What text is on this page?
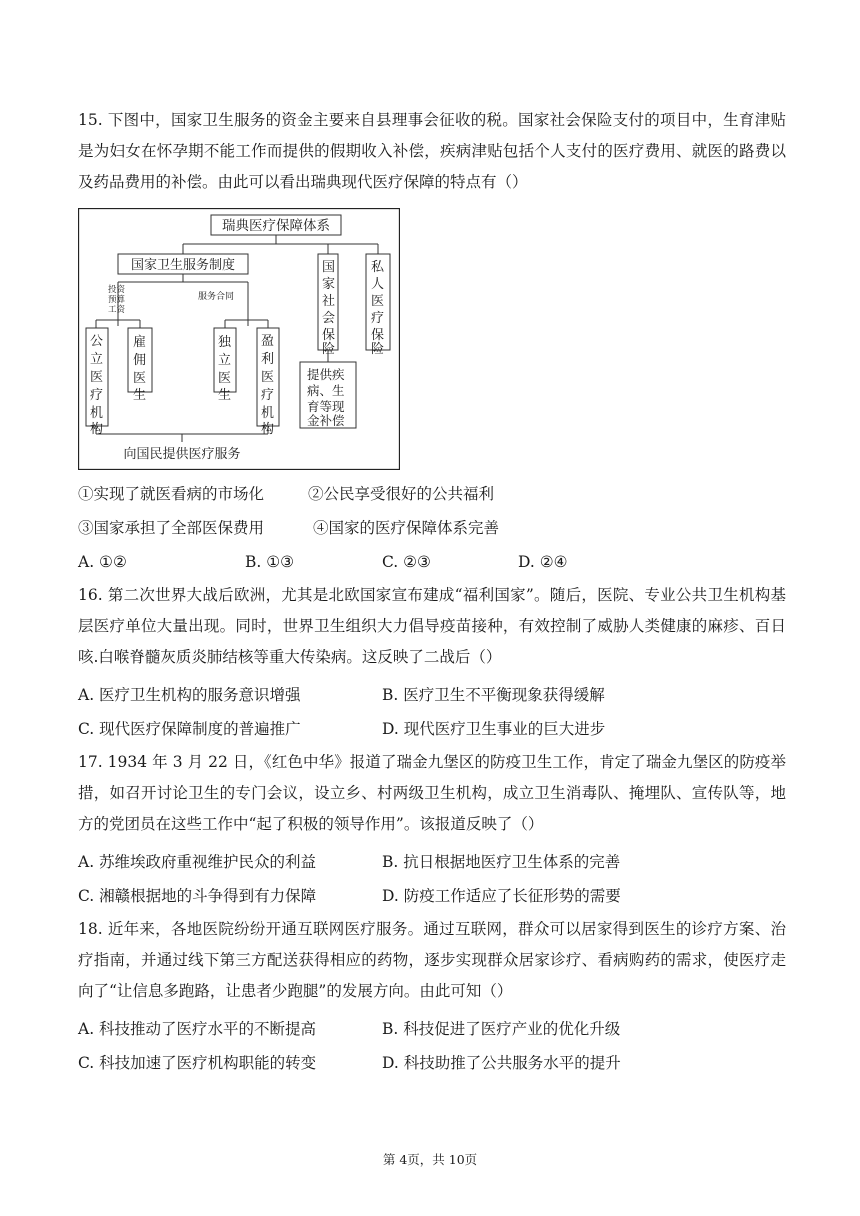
15. 下图中，国家卫生服务的资金主要来自县理事会征收的税。国家社会保险支付的项目中，生育津贴是为妇女在怀孕期不能工作而提供的假期收入补偿，疾病津贴包括个人支付的医疗费用、就医的路费以及药品费用的补偿。由此可以看出瑞典现代医疗保障的特点有（）

瑞典医疗保障体系
国家卫生服务制度	国家社会保
险
私人医疗保
险
投资预算工资
服务合同
公立医疗机
构
雇佣医
生
独立医
生
盈利医疗机
构
提供疾病、生育等现金补偿
向国民提供医疗服务
①实现了就医看病的市场化	②公民享受很好的公共福利
③国家承担了全部医保费用	④国家的医疗保障体系完善
A. ①②	B. ①③	C. ②③	D. ②④

16. 第二次世界大战后欧洲，尤其是北欧国家宣布建成“福利国家”。随后，医院、专业公共卫生机构基层医疗单位大量出现。同时，世界卫生组织大力倡导疫苗接种，有效控制了威胁人类健康的麻疹、百日咳.白喉脊髓灰质炎肺结核等重大传染病。这反映了二战后（）

A. 医疗卫生机构的服务意识增强	B. 医疗卫生不平衡现象获得缓解
C. 现代医疗保障制度的普遍推广	D. 现代医疗卫生事业的巨大进步

17. 1934 年 3 月 22 日，《红色中华》报道了瑞金九堡区的防疫卫生工作，肯定了瑞金九堡区的防疫举措，如召开讨论卫生的专门会议，设立乡、村两级卫生机构，成立卫生消毒队、掩埋队、宣传队等，地方的党团员在这些工作中“起了积极的领导作用”。该报道反映了（）

A. 苏维埃政府重视维护民众的利益	B. 抗日根据地医疗卫生体系的完善
C. 湘赣根据地的斗争得到有力保障	D. 防疫工作适应了长征形势的需要

18. 近年来，各地医院纷纷开通互联网医疗服务。通过互联网，群众可以居家得到医生的诊疗方案、治疗指南，并通过线下第三方配送获得相应的药物，逐步实现群众居家诊疗、看病购药的需求，使医疗走向了“让信息多跑路，让患者少跑腿”的发展方向。由此可知（）

A. 科技推动了医疗水平的不断提高	B. 科技促进了医疗产业的优化升级
C. 科技加速了医疗机构职能的转变	D. 科技助推了公共服务水平的提升
第 4页，共 10页
